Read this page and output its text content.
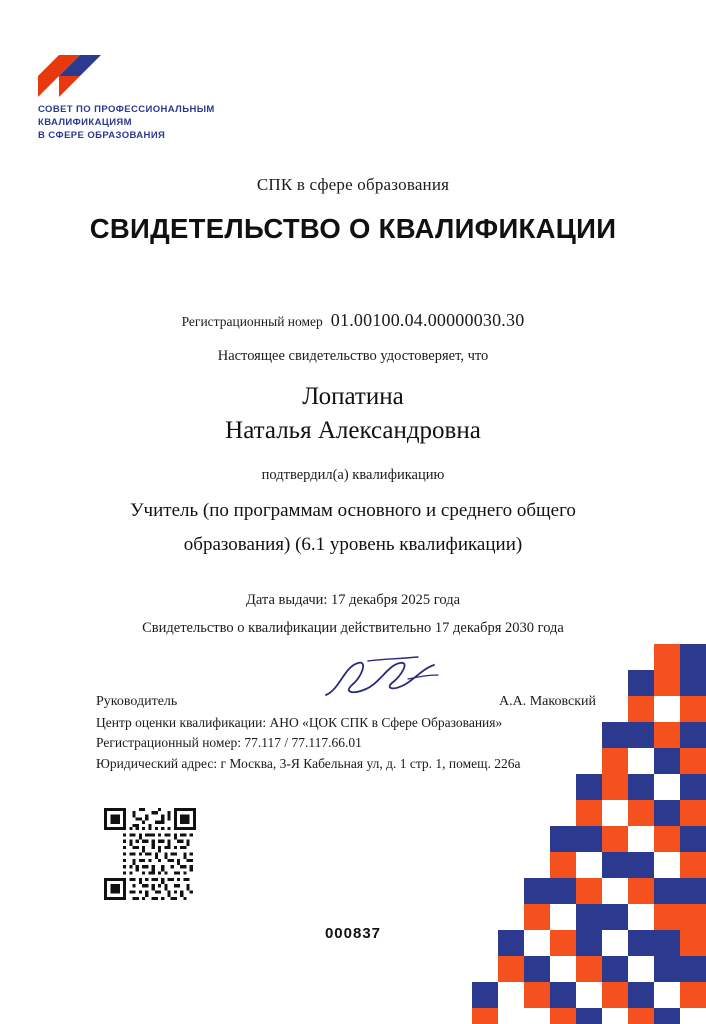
СОВЕТ ПО ПРОФЕССИОНАЛЬНЫМ
КВАЛИФИКАЦИЯМ
В СФЕРЕ ОБРАЗОВАНИЯ
СПК в сфере образования
СВИДЕТЕЛЬСТВО О КВАЛИФИКАЦИИ
Регистрационный номер 01.00100.04.00000030.30
Настоящее свидетельство удостоверяет, что
Лопатина
Наталья Александровна
подтвердил(а) квалификацию
Учитель (по программам основного и среднего общего
образования) (6.1 уровень квалификации)
Дата выдачи: 17 декабря 2025 года
Свидетельство о квалификации действительно 17 декабря 2030 года
Руководитель	А.А. Маковский
Центр оценки квалификации: АНО «ЦОК СПК в Сфере Образования»
Регистрационный номер: 77.117 / 77.117.66.01
Юридический адрес: г Москва, 3-Я Кабельная ул, д. 1 стр. 1, помещ. 226а
000837
